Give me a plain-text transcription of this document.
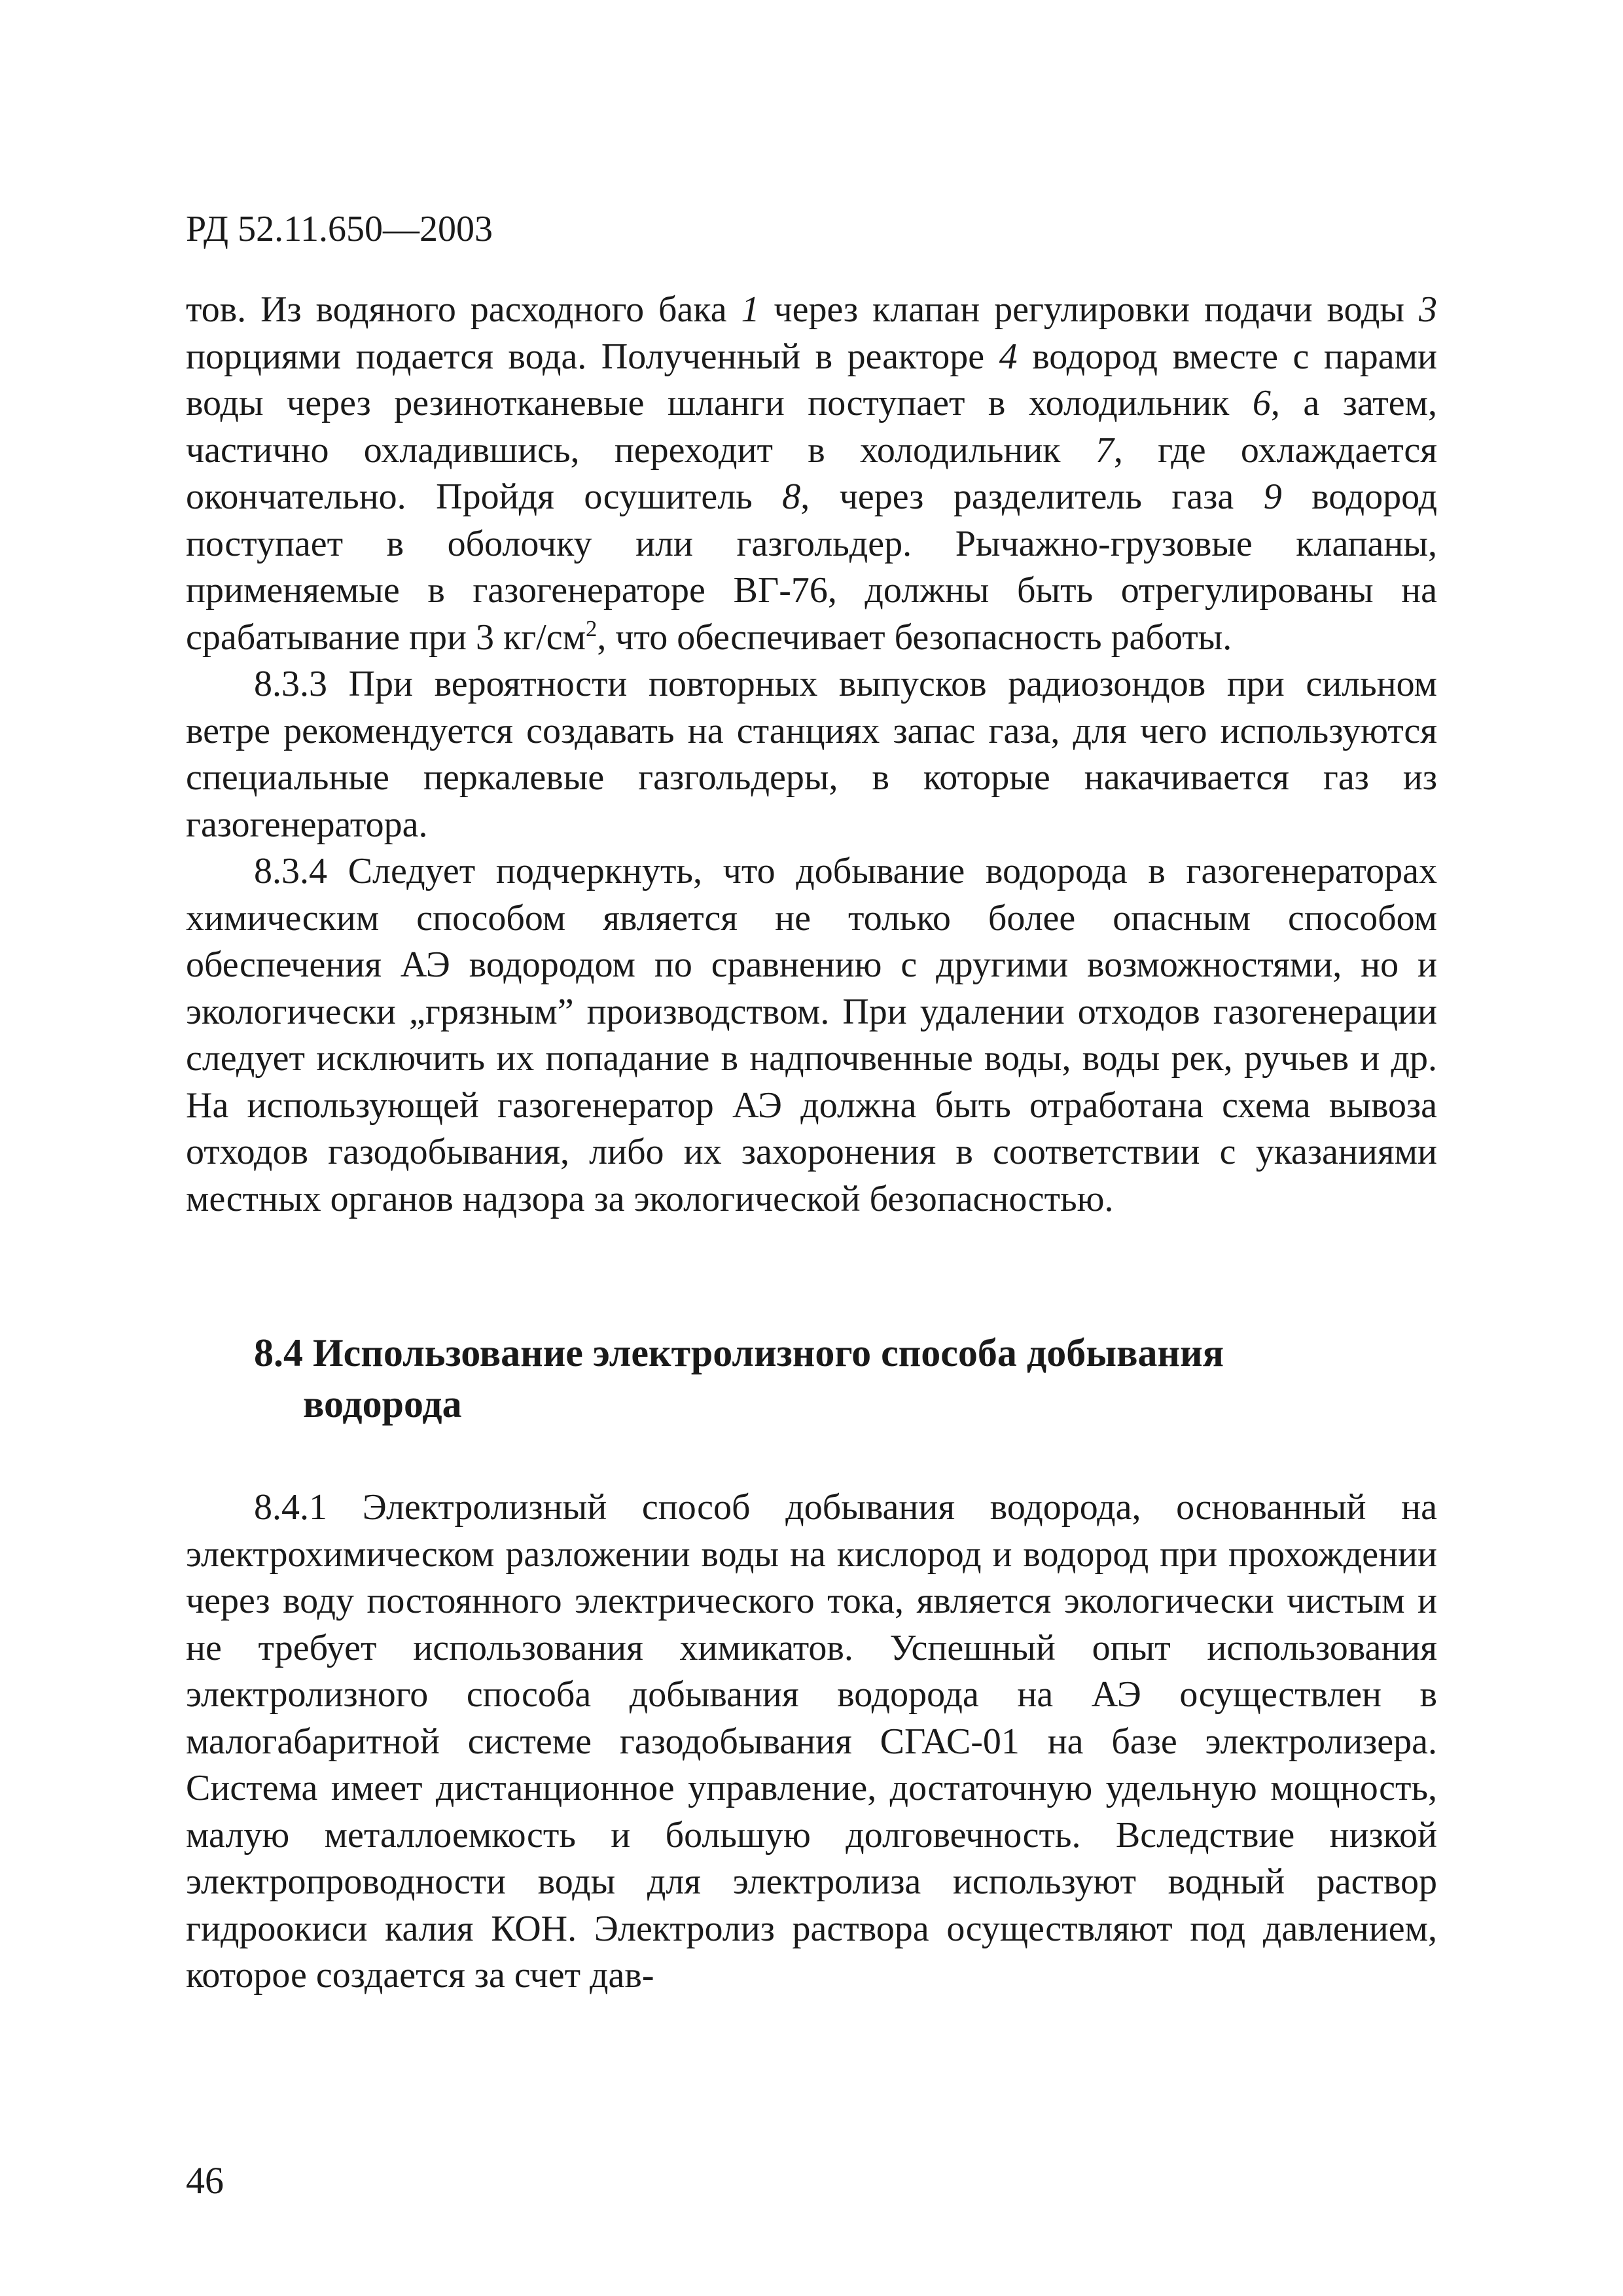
РД 52.11.650—2003

тов. Из водяного расходного бака 1 через клапан регулировки подачи воды 3 порциями подается вода. Полученный в реакторе 4 водород вместе с парами воды через резинотканевые шланги поступает в холодильник 6, а затем, частично охладившись, переходит в холодильник 7, где охлаждается окончательно. Пройдя осушитель 8, через разделитель газа 9 водород поступает в оболочку или газгольдер. Рычажно-грузовые клапаны, применяемые в газогенераторе ВГ-76, должны быть отрегулированы на срабатывание при 3 $кг/см^2$, что обеспечивает безопасность работы.

8.3.3 При вероятности повторных выпусков радиозондов при сильном ветре рекомендуется создавать на станциях запас газа, для чего используются специальные перкалевые газгольдеры, в которые накачивается газ из газогенератора.

8.3.4 Следует подчеркнуть, что добывание водорода в газогенераторах химическим способом является не только более опасным способом обеспечения АЭ водородом по сравнению с другими возможностями, но и экологически „грязным” производством. При удалении отходов газогенерации следует исключить их попадание в надпочвенные воды, воды рек, ручьев и др. На использующей газогенератор АЭ должна быть отработана схема вывоза отходов газодобывания, либо их захоронения в соответствии с указаниями местных органов надзора за экологической безопасностью.

8.4 Использование электролизного способа добывания
водорода

8.4.1 Электролизный способ добывания водорода, основанный на электрохимическом разложении воды на кислород и водород при прохождении через воду постоянного электрического тока, является экологически чистым и не требует использования химикатов. Успешный опыт использования электролизного способа добывания водорода на АЭ осуществлен в малогабаритной системе газодобывания СГАС-01 на базе электролизера. Система имеет дистанционное управление, достаточную удельную мощность, малую металлоемкость и большую долговечность. Вследствие низкой электропроводности воды для электролиза используют водный раствор гидроокиси калия КОН. Электролиз раствора осуществляют под давлением, которое создается за счет дав-

46
